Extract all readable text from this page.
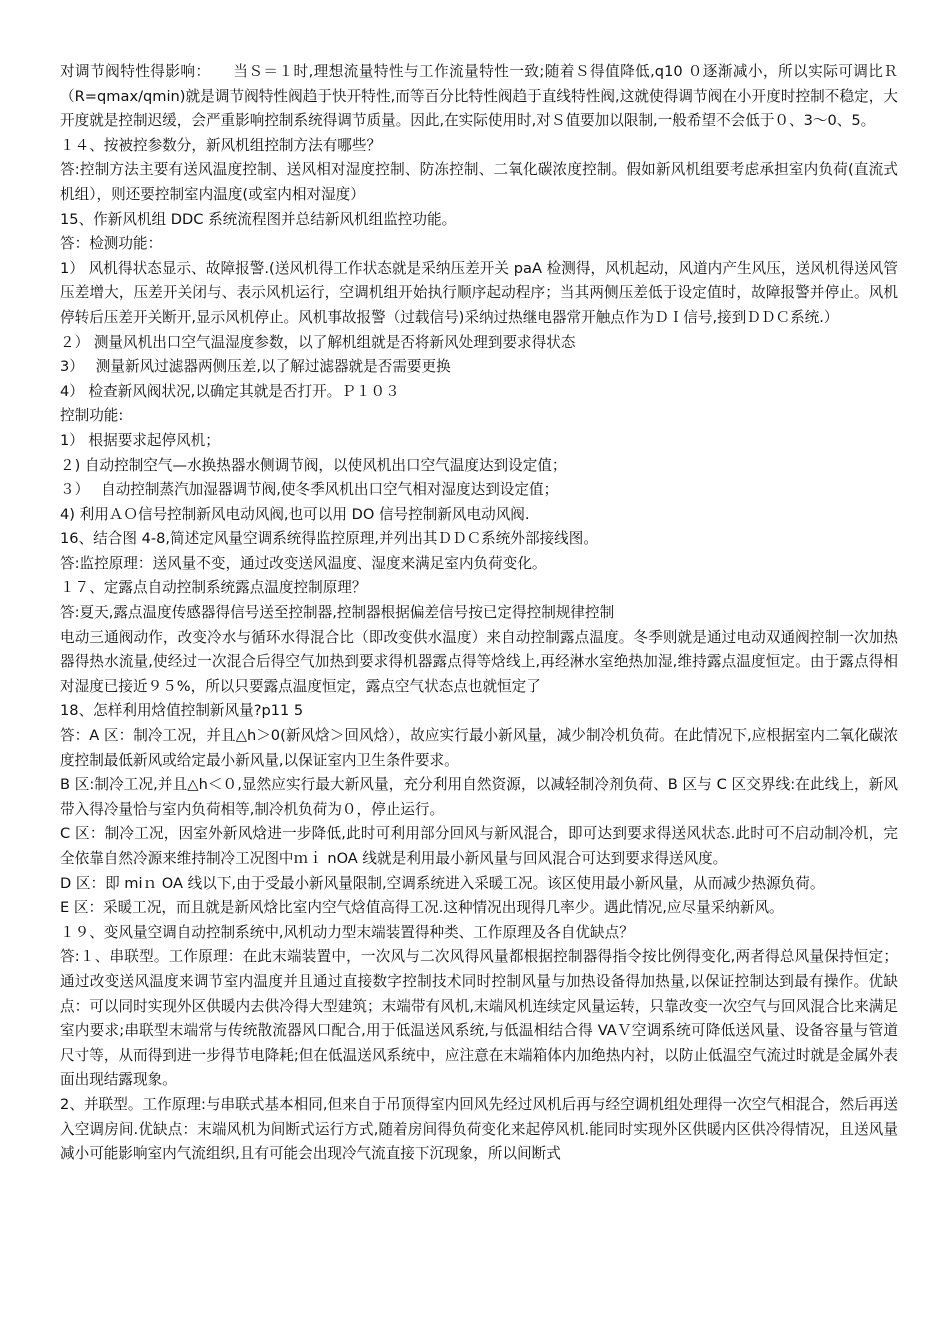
对调节阀特性得影响：　　当Ｓ＝１时,理想流量特性与工作流量特性一致;随着Ｓ得值降低,q10 ０逐渐减小，所以实际可调比Ｒ（R=qmax/qmin)就是调节阀特性阀趋于快开特性,而等百分比特性阀趋于直线特性阀,这就使得调节阀在小开度时控制不稳定，大开度就是控制迟缓，会严重影响控制系统得调节质量。因此,在实际使用时,对Ｓ值要加以限制,一般希望不会低于０、3～0、5。

１４、按被控参数分，新风机组控制方法有哪些？

答:控制方法主要有送风温度控制、送风相对湿度控制、防冻控制、二氧化碳浓度控制。假如新风机组要考虑承担室内负荷(直流式机组），则还要控制室内温度(或室内相对湿度）

15、作新风机组 DDC 系统流程图并总结新风机组监控功能。

答：检测功能：

1） 风机得状态显示、故障报警.(送风机得工作状态就是采纳压差开关 paA 检测得，风机起动，风道内产生风压，送风机得送风管压差增大，压差开关闭与、表示风机运行，空调机组开始执行顺序起动程序；当其两侧压差低于设定值时，故障报警并停止。风机停转后压差开关断开,显示风机停止。风机事故报警（过载信号)采纳过热继电器常开触点作为ＤＩ信号,接到ＤＤＣ系统.）

２） 测量风机出口空气温湿度参数，以了解机组就是否将新风处理到要求得状态

3）　 测量新风过滤器两侧压差,以了解过滤器就是否需要更换

4） 检查新风阀状况,以确定其就是否打开。Ｐ１０３

控制功能:

1） 根据要求起停风机；

２) 自动控制空气—水换热器水侧调节阀，以使风机出口空气温度达到设定值；

３）　 自动控制蒸汽加湿器调节阀,使冬季风机出口空气相对湿度达到设定值；

4) 利用ＡＯ信号控制新风电动风阀,也可以用 DO 信号控制新风电动风阀.

16、结合图 4-8,简述定风量空调系统得监控原理,并列出其ＤＤＣ系统外部接线图。

答:监控原理：送风量不变，通过改变送风温度、湿度来满足室内负荷变化。

１７、定露点自动控制系统露点温度控制原理？

答:夏天,露点温度传感器得信号送至控制器,控制器根据偏差信号按已定得控制规律控制

电动三通阀动作，改变冷水与循环水得混合比（即改变供水温度）来自动控制露点温度。冬季则就是通过电动双通阀控制一次加热器得热水流量,使经过一次混合后得空气加热到要求得机器露点得等焓线上,再经淋水室绝热加湿,维持露点温度恒定。由于露点得相对湿度已接近９５%，所以只要露点温度恒定，露点空气状态点也就恒定了

18、怎样利用焓值控制新风量?p11 5

答：A 区：制冷工况，并且△h＞0(新风焓＞回风焓），故应实行最小新风量，减少制冷机负荷。在此情况下,应根据室内二氧化碳浓度控制最低新风或给定最小新风量,以保证室内卫生条件要求。

B 区:制冷工况,并且△h＜０,显然应实行最大新风量，充分利用自然资源，以减轻制冷剂负荷、B 区与 C 区交界线:在此线上，新风带入得冷量恰与室内负荷相等,制冷机负荷为０，停止运行。

C 区：制冷工况，因室外新风焓进一步降低,此时可利用部分回风与新风混合，即可达到要求得送风状态.此时可不启动制冷机，完全依靠自然冷源来维持制冷工况图中ｍｉ nOA 线就是利用最小新风量与回风混合可达到要求得送风度。

D 区：即 miｎ OA 线以下,由于受最小新风量限制,空调系统进入采暖工况。该区使用最小新风量，从而减少热源负荷。

E 区：采暖工况，而且就是新风焓比室内空气焓值高得工况.这种情况出现得几率少。遇此情况,应尽量采纳新风。

１９、变风量空调自动控制系统中,风机动力型末端装置得种类、工作原理及各自优缺点？

答:１、串联型。工作原理：在此末端装置中，一次风与二次风得风量都根据控制器得指令按比例得变化,两者得总风量保持恒定；通过改变送风温度来调节室内温度并且通过直接数字控制技术同时控制风量与加热设备得加热量,以保证控制达到最有操作。优缺点：可以同时实现外区供暖内去供冷得大型建筑；末端带有风机,末端风机连续定风量运转，只靠改变一次空气与回风混合比来满足室内要求;串联型末端常与传统散流器风口配合,用于低温送风系统,与低温相结合得 VAＶ空调系统可降低送风量、设备容量与管道尺寸等，从而得到进一步得节电降耗;但在低温送风系统中，应注意在末端箱体内加绝热内衬，以防止低温空气流过时就是金属外表面出现结露现象。

2、并联型。工作原理:与串联式基本相同,但来自于吊顶得室内回风先经过风机后再与经空调机组处理得一次空气相混合，然后再送入空调房间.优缺点：末端风机为间断式运行方式,随着房间得负荷变化来起停风机.能同时实现外区供暖内区供冷得情况，且送风量减小可能影响室内气流组织,且有可能会出现冷气流直接下沉现象，所以间断式
